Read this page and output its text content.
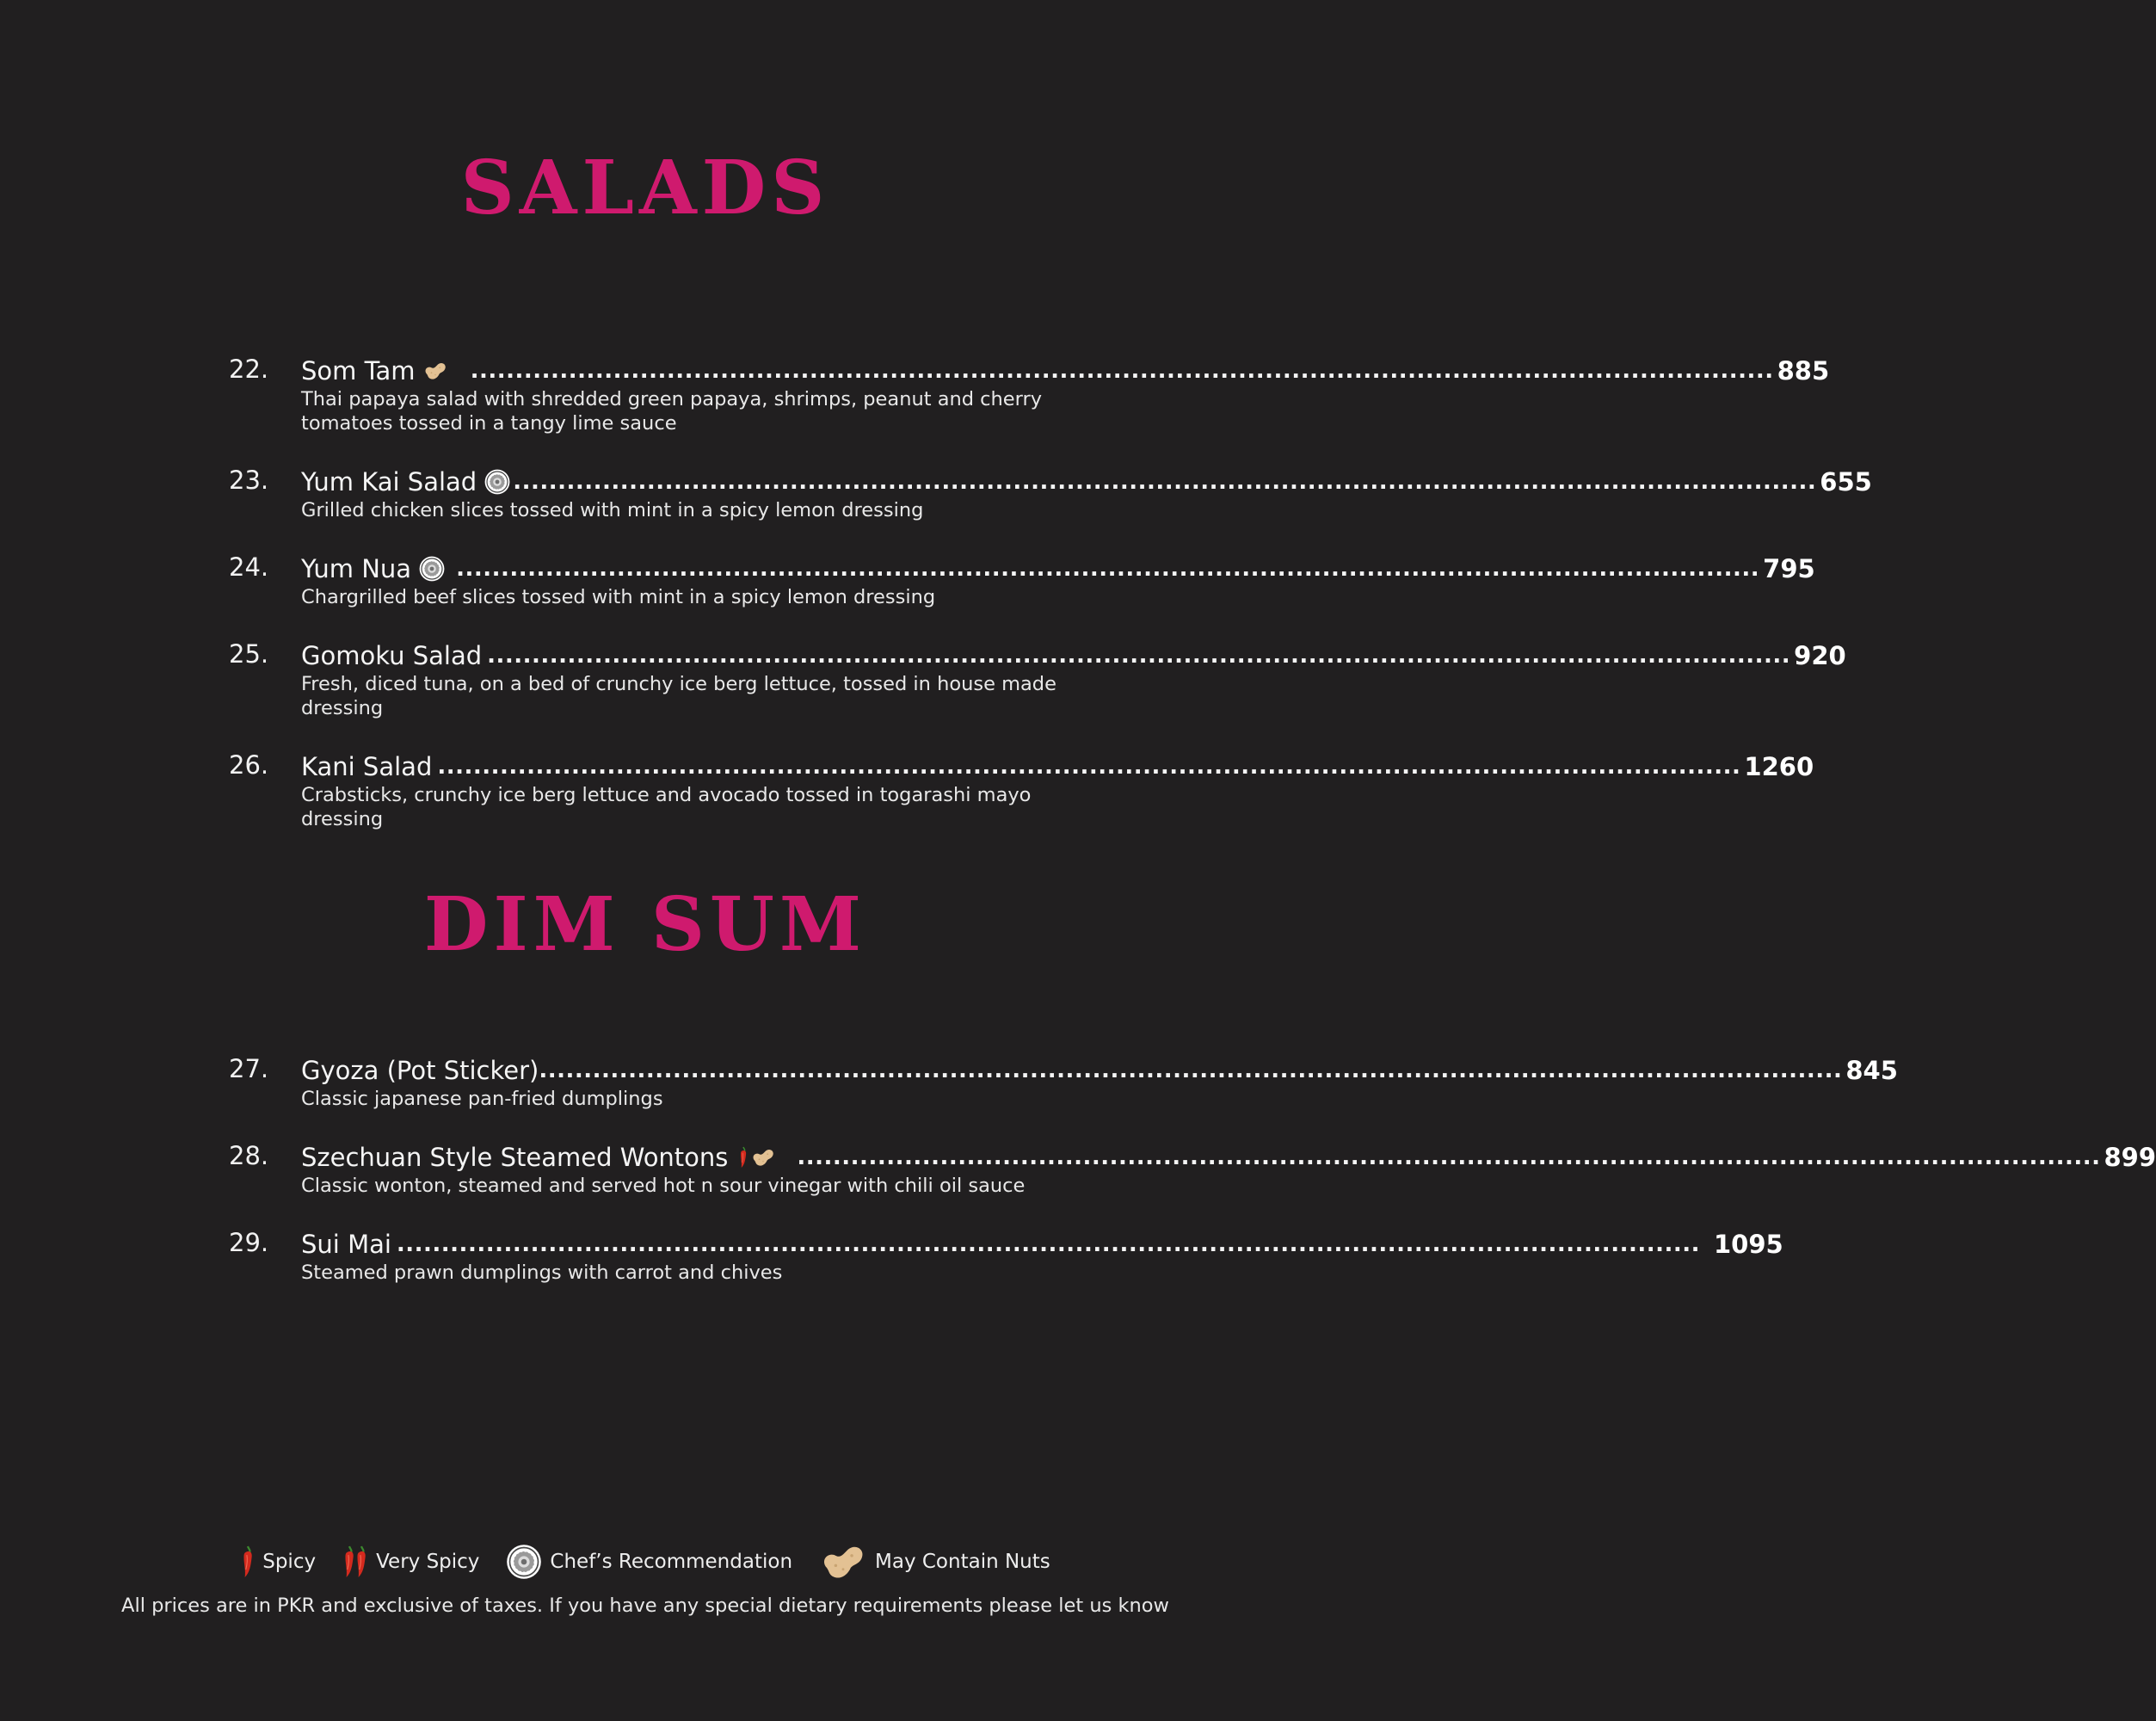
SALADS
22. Som Tam .................................................................................................................................................. 885
Thai papaya salad with shredded green papaya, shrimps, peanut and cherry tomatoes tossed in a tangy lime sauce
23. Yum Kai Salad .................................................................................................................................................. 655
Grilled chicken slices tossed with mint in a spicy lemon dressing
24. Yum Nua .................................................................................................................................................. 795
Chargrilled beef slices tossed with mint in a spicy lemon dressing
25. Gomoku Salad .................................................................................................................................................. 920
Fresh, diced tuna, on a bed of crunchy ice berg lettuce, tossed in house made dressing
26. Kani Salad .................................................................................................................................................. 1260
Crabsticks, crunchy ice berg lettuce and avocado tossed in togarashi mayo dressing
DIM SUM
27. Gyoza (Pot Sticker) .................................................................................................................................................. 845
Classic japanese pan-fried dumplings
28. Szechuan Style Steamed Wontons	.................................................................................................................................................. 899
Classic wonton, steamed and served hot n sour vinegar with chili oil sauce
29. Sui Mai .................................................................................................................................................. 1095
Steamed prawn dumplings with carrot and chives
Spicy	Very Spicy	Chef’s Recommendation	May Contain Nuts
All prices are in PKR and exclusive of taxes. If you have any special dietary requirements please let us know
